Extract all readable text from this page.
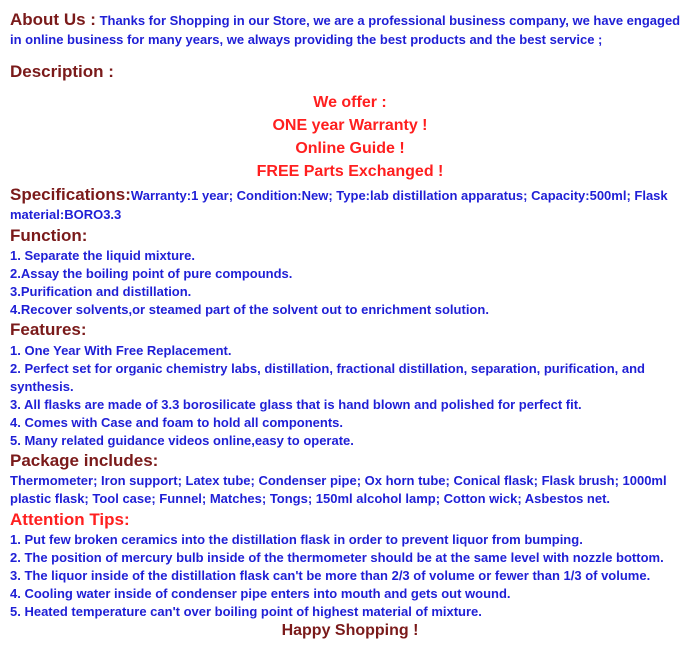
About Us : Thanks for Shopping in our Store, we are a professional business company, we have engaged in online business for many years, we always providing the best products and the best service ;
Description :
We offer :
ONE year Warranty !
Online Guide !
FREE Parts Exchanged !
Specifications:Warranty:1 year; Condition:New; Type:lab distillation apparatus; Capacity:500ml; Flask material:BORO3.3
Function:
1. Separate the liquid mixture.
2.Assay the boiling point of pure compounds.
3.Purification and distillation.
4.Recover solvents,or steamed part of the solvent out to enrichment solution.
Features:
1. One Year With Free Replacement.
2. Perfect set for organic chemistry labs, distillation, fractional distillation, separation, purification, and synthesis.
3. All flasks are made of 3.3 borosilicate glass that is hand blown and polished for perfect fit.
4. Comes with Case and foam to hold all components.
5. Many related guidance videos online,easy to operate.
Package includes:
Thermometer; Iron support; Latex tube; Condenser pipe; Ox horn tube; Conical flask; Flask brush; 1000ml plastic flask; Tool case; Funnel; Matches; Tongs; 150ml alcohol lamp; Cotton wick; Asbestos net.
Attention Tips:
1. Put few broken ceramics into the distillation flask in order to prevent liquor from bumping.
2. The position of mercury bulb inside of the thermometer should be at the same level with nozzle bottom.
3. The liquor inside of the distillation flask can't be more than 2/3 of volume or fewer than 1/3 of volume.
4. Cooling water inside of condenser pipe enters into mouth and gets out wound.
5. Heated temperature can't over boiling point of highest material of mixture.
Happy Shopping !
